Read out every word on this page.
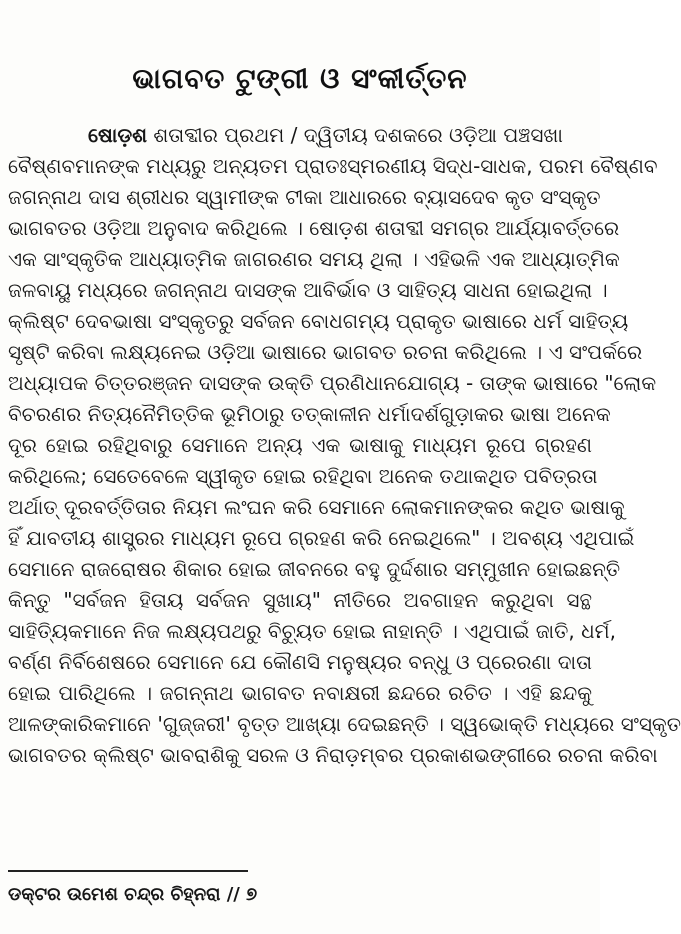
ଭାଗବତ ଟୁଙ୍ଗୀ ଓ ସଂକୀର୍ତ୍ତନ
ଷୋଡ଼ଶ ଶତାବ୍ଦୀର ପ୍ରଥମ / ଦ୍ୱିତୀୟ ଦଶକରେ ଓଡ଼ିଆ ପଞ୍ଚସଖା
ବୈଷ୍ଣବମାନଙ୍କ ମଧ୍ୟରୁ ଅନ୍ୟତମ ପ୍ରାତଃସ୍ମରଣୀୟ ସିଦ୍ଧ-ସାଧକ, ପରମ ବୈଷ୍ଣବ
ଜଗନ୍ନାଥ ଦାସ ଶ୍ରୀଧର ସ୍ୱାମୀଙ୍କ ଟୀକା ଆଧାରରେ ବ୍ୟାସଦେବ କୃତ ସଂସ୍କୃତ
ଭାଗବତର ଓଡ଼ିଆ ଅନୁବାଦ କରିଥିଲେ । ଷୋଡ଼ଶ ଶତାବ୍ଦୀ ସମଗ୍ର ଆର୍ଯ୍ୟାବର୍ତ୍ତରେ
ଏକ ସାଂସ୍କୃତିକ ଆଧ୍ୟାତ୍ମିକ ଜାଗରଣର ସମୟ ଥିଲା । ଏହିଭଳି ଏକ ଆଧ୍ୟାତ୍ମିକ
ଜଳବାୟୁ ମଧ୍ୟରେ ଜଗନ୍ନାଥ ଦାସଙ୍କ ଆବିର୍ଭାବ ଓ ସାହିତ୍ୟ ସାଧନା ହୋଇଥିଲା ।
କ୍ଲିଷ୍ଟ ଦେବଭାଷା ସଂସ୍କୃତରୁ ସର୍ବଜନ ବୋଧଗମ୍ୟ ପ୍ରାକୃତ ଭାଷାରେ ଧର୍ମ ସାହିତ୍ୟ
ସୃଷ୍ଟି କରିବା ଲକ୍ଷ୍ୟନେଇ ଓଡ଼ିଆ ଭାଷାରେ ଭାଗବତ ରଚନା କରିଥିଲେ । ଏ ସଂପର୍କରେ
ଅଧ୍ୟାପକ ଚିତ୍ତରଞ୍ଜନ ଦାସଙ୍କ ଉକ୍ତି ପ୍ରଣିଧାନଯୋଗ୍ୟ - ତାଙ୍କ ଭାଷାରେ "ଲୋକ
ବିଚରଣର ନିତ୍ୟନୈମିତ୍ତିକ ଭୂମିଠାରୁ ତତ୍କାଳୀନ ଧର୍ମାଦର୍ଶଗୁଡ଼ାକର ଭାଷା ଅନେକ
ଦୂର ହୋଇ ରହିଥିବାରୁ ସେମାନେ ଅନ୍ୟ ଏକ ଭାଷାକୁ ମାଧ୍ୟମ ରୂପେ ଗ୍ରହଣ
କରିଥିଲେ; ସେତେବେଳେ ସ୍ୱୀକୃତ ହୋଇ ରହିଥିବା ଅନେକ ତଥାକଥିତ ପବିତ୍ରତା
ଅର୍ଥାତ୍ ଦୂରବର୍ତ୍ତିତାର ନିୟମ ଲଂଘନ କରି ସେମାନେ ଲୋକମାନଙ୍କର କଥିତ ଭାଷାକୁ
ହିଁ ଯାବତୀୟ ଶାସ୍ତ୍ରର ମାଧ୍ୟମ ରୂପେ ଗ୍ରହଣ କରି ନେଇଥିଲେ" । ଅବଶ୍ୟ ଏଥିପାଇଁ
ସେମାନେ ରାଜରୋଷର ଶିକାର ହୋଇ ଜୀବନରେ ବହୁ ଦୁର୍ଦ୍ଦଶାର ସମ୍ମୁଖୀନ ହୋଇଛନ୍ତି
କିନ୍ତୁ "ସର୍ବଜନ ହିତାୟ ସର୍ବଜନ ସୁଖାୟ" ନୀତିରେ ଅବଗାହନ କରୁଥିବା ସନ୍ଥ
ସାହିତ୍ୟିକମାନେ ନିଜ ଲକ୍ଷ୍ୟପଥରୁ ବିଚ୍ୟୁତ ହୋଇ ନାହାନ୍ତି । ଏଥିପାଇଁ ଜାତି, ଧର୍ମ,
ବର୍ଣ୍ଣ ନିର୍ବିଶେଷରେ ସେମାନେ ଯେ କୌଣସି ମନୁଷ୍ୟର ବନ୍ଧୁ ଓ ପ୍ରେରଣା ଦାତା
ହୋଇ ପାରିଥିଲେ । ଜଗନ୍ନାଥ ଭାଗବତ ନବାକ୍ଷରୀ ଛନ୍ଦରେ ରଚିତ । ଏହି ଛନ୍ଦକୁ
ଆଳଙ୍କାରିକମାନେ 'ଗୁଜ୍ଜରୀ' ବୃତ୍ତ ଆଖ୍ୟା ଦେଇଛନ୍ତି । ସ୍ୱଭୋକ୍ତି ମଧ୍ୟରେ ସଂସ୍କୃତ
ଭାଗବତର କ୍ଲିଷ୍ଟ ଭାବରାଶିକୁ ସରଳ ଓ ନିରାଡ଼ମ୍ବର ପ୍ରକାଶଭଙ୍ଗୀରେ ରଚନା କରିବା
ଡକ୍ଟର ଉମେଶ ଚନ୍ଦ୍ର ଚିହ୍ନରା // ୭
